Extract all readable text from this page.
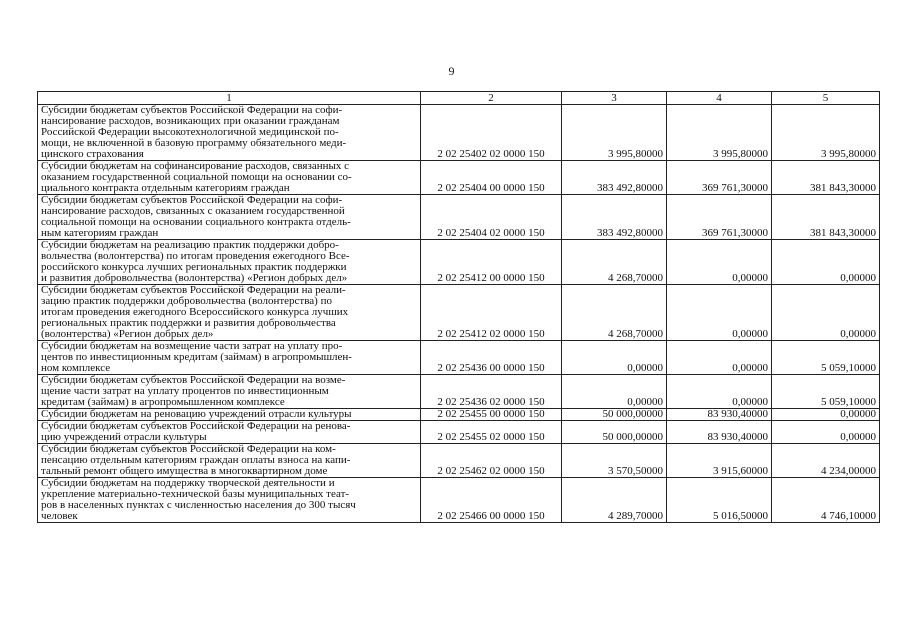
9
1	2	3	4	5

Субсидии бюджетам субъектов Российской Федерации на софи-
нансирование расходов, возникающих при оказании гражданам
Российской Федерации высокотехнологичной медицинской по-
мощи, не включенной в базовую программу обязательного меди-
цинского страхования	2 02 25402 02 0000 150	3 995,80000	3 995,80000	3 995,80000

Субсидии бюджетам на софинансирование расходов, связанных с
оказанием государственной социальной помощи на основании со-
циального контракта отдельным категориям граждан	2 02 25404 00 0000 150	383 492,80000	369 761,30000	381 843,30000

Субсидии бюджетам субъектов Российской Федерации на софи-
нансирование расходов, связанных с оказанием государственной
социальной помощи на основании социального контракта отдель-
ным категориям граждан	2 02 25404 02 0000 150	383 492,80000	369 761,30000	381 843,30000

Субсидии бюджетам на реализацию практик поддержки добро-
вольчества (волонтерства) по итогам проведения ежегодного Все-
российского конкурса лучших региональных практик поддержки
и развития добровольчества (волонтерства) «Регион добрых дел»	2 02 25412 00 0000 150	4 268,70000	0,00000	0,00000

Субсидии бюджетам субъектов Российской Федерации на реали-
зацию практик поддержки добровольчества (волонтерства) по
итогам проведения ежегодного Всероссийского конкурса лучших
региональных практик поддержки и развития добровольчества
(волонтерства) «Регион добрых дел»	2 02 25412 02 0000 150	4 268,70000	0,00000	0,00000

Субсидии бюджетам на возмещение части затрат на уплату про-
центов по инвестиционным кредитам (займам) в агропромышлен-
ном комплексе	2 02 25436 00 0000 150	0,00000	0,00000	5 059,10000

Субсидии бюджетам субъектов Российской Федерации на возме-
щение части затрат на уплату процентов по инвестиционным
кредитам (займам) в агропромышленном комплексе	2 02 25436 02 0000 150	0,00000	0,00000	5 059,10000

Субсидии бюджетам на реновацию учреждений отрасли культуры	2 02 25455 00 0000 150	50 000,00000	83 930,40000	0,00000

Субсидии бюджетам субъектов Российской Федерации на ренова-
цию учреждений отрасли культуры	2 02 25455 02 0000 150	50 000,00000	83 930,40000	0,00000

Субсидии бюджетам субъектов Российской Федерации на ком-
пенсацию отдельным категориям граждан оплаты взноса на капи-
тальный ремонт общего имущества в многоквартирном доме	2 02 25462 02 0000 150	3 570,50000	3 915,60000	4 234,00000

Субсидии бюджетам на поддержку творческой деятельности и
укрепление материально-технической базы муниципальных теат-
ров в населенных пунктах с численностью населения до 300 тысяч
человек	2 02 25466 00 0000 150	4 289,70000	5 016,50000	4 746,10000
